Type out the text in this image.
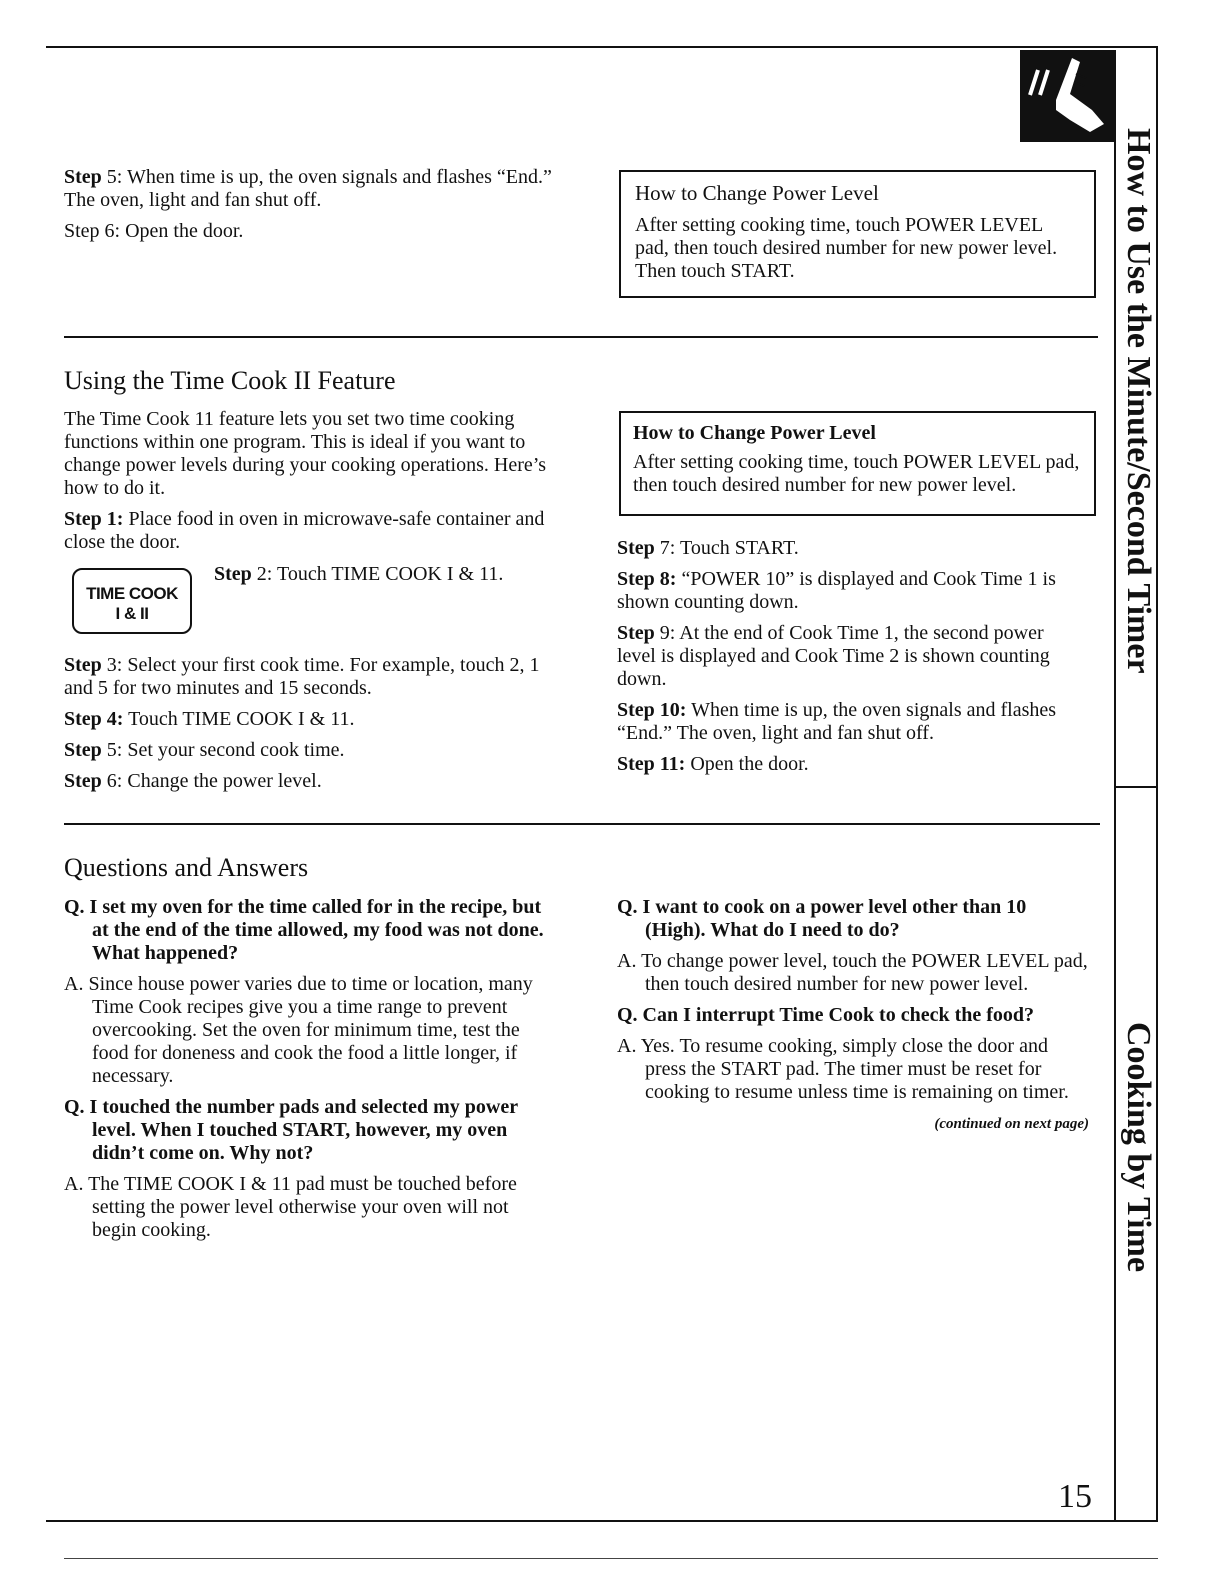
Step 5: When time is up, the oven signals and flashes “End.” The oven, light and fan shut off.

Step 6: Open the door.

How to Change Power Level

After setting cooking time, touch POWER LEVEL pad, then touch desired number for new power level. Then touch START.

Using the Time Cook II Feature

The Time Cook 11 feature lets you set two time cooking functions within one program. This is ideal if you want to change power levels during your cooking operations. Here’s how to do it.

Step 1: Place food in oven in microwave-safe container and close the door.

TIME COOK
I & II

Step 2: Touch TIME COOK I & 11.

Step 3: Select your first cook time. For example, touch 2, 1 and 5 for two minutes and 15 seconds.

Step 4: Touch TIME COOK I & 11.

Step 5: Set your second cook time.

Step 6: Change the power level.

How to Change Power Level

After setting cooking time, touch POWER LEVEL pad, then touch desired number for new power level.

Step 7: Touch START.

Step 8: “POWER 10” is displayed and Cook Time 1 is shown counting down.

Step 9: At the end of Cook Time 1, the second power level is displayed and Cook Time 2 is shown counting down.

Step 10: When time is up, the oven signals and flashes “End.” The oven, light and fan shut off.

Step 11: Open the door.

Questions and Answers

Q. I set my oven for the time called for in the recipe, but at the end of the time allowed, my food was not done. What happened?

A. Since house power varies due to time or location, many Time Cook recipes give you a time range to prevent overcooking. Set the oven for minimum time, test the food for doneness and cook the food a little longer, if necessary.

Q. I touched the number pads and selected my power level. When I touched START, however, my oven didn’t come on. Why not?

A. The TIME COOK I & 11 pad must be touched before setting the power level otherwise your oven will not begin cooking.

Q. I want to cook on a power level other than 10 (High). What do I need to do?

A. To change power level, touch the POWER LEVEL pad, then touch desired number for new power level.

Q. Can I interrupt Time Cook to check the food?

A. Yes. To resume cooking, simply close the door and press the START pad. The timer must be reset for cooking to resume unless time is remaining on timer.

(continued on next page)

How to Use the Minute/Second Timer
Cooking by Time
15
